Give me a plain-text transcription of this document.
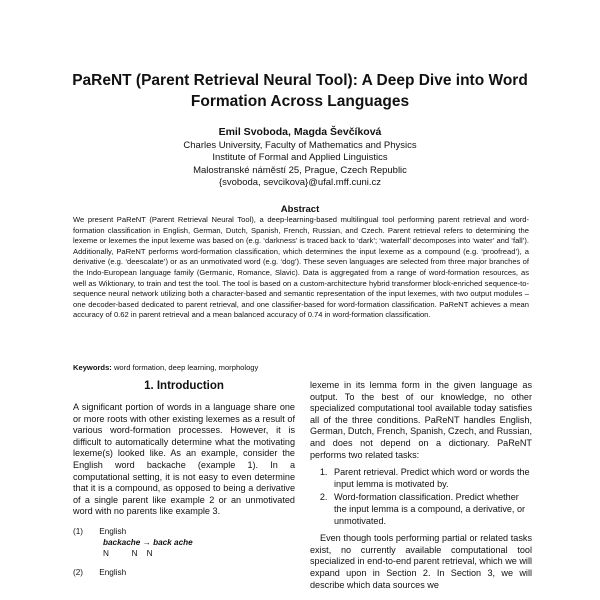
PaReNT (Parent Retrieval Neural Tool): A Deep Dive into Word Formation Across Languages
Emil Svoboda, Magda Ševčíková
Charles University, Faculty of Mathematics and Physics
Institute of Formal and Applied Linguistics
Malostranské náměstí 25, Prague, Czech Republic
{svoboda, sevcikova}@ufal.mff.cuni.cz
Abstract
We present PaReNT (Parent Retrieval Neural Tool), a deep-learning-based multilingual tool performing parent retrieval and word-formation classification in English, German, Dutch, Spanish, French, Russian, and Czech. Parent retrieval refers to determining the lexeme or lexemes the input lexeme was based on (e.g. ‘darkness’ is traced back to ‘dark’; ‘waterfall’ decomposes into ‘water’ and ‘fall’). Additionally, PaReNT performs word-formation classification, which determines the input lexeme as a compound (e.g. ‘proofread’), a derivative (e.g. ‘deescalate’) or as an unmotivated word (e.g. ‘dog’). These seven languages are selected from three major branches of the Indo-European language family (Germanic, Romance, Slavic). Data is aggregated from a range of word-formation resources, as well as Wiktionary, to train and test the tool. The tool is based on a custom-architecture hybrid transformer block-enriched sequence-to-sequence neural network utilizing both a character-based and semantic representation of the input lexemes, with two output modules – one decoder-based dedicated to parent retrieval, and one classifier-based for word-formation classification. PaReNT achieves a mean accuracy of 0.62 in parent retrieval and a mean balanced accuracy of 0.74 in word-formation classification.
Keywords: word formation, deep learning, morphology
1. Introduction

A significant portion of words in a language share one or more roots with other existing lexemes as a result of various word-formation processes. However, it is difficult to automatically determine what the motivating lexeme(s) looked like. As an example, consider the English word backache (example 1). In a computational setting, it is not easy to even determine that it is a compound, as opposed to being a derivative of a single parent like example 2 or an unmotivated word with no parents like example 3.

(1) English
backache → back ache
N          N    N
(2) English

lexeme in its lemma form in the given language as output. To the best of our knowledge, no other specialized computational tool available today satisfies all of the three conditions. PaReNT handles English, German, Dutch, French, Spanish, Czech, and Russian, and does not depend on a dictionary. PaReNT performs two related tasks:

1. Parent retrieval. Predict which word or words the input lemma is motivated by.
2. Word-formation classification. Predict whether the input lemma is a compound, a derivative, or unmotivated.

Even though tools performing partial or related tasks exist, no currently available computational tool specialized in end-to-end parent retrieval, which we will expand upon in Section 2. In Section 3, we will describe which data sources we
